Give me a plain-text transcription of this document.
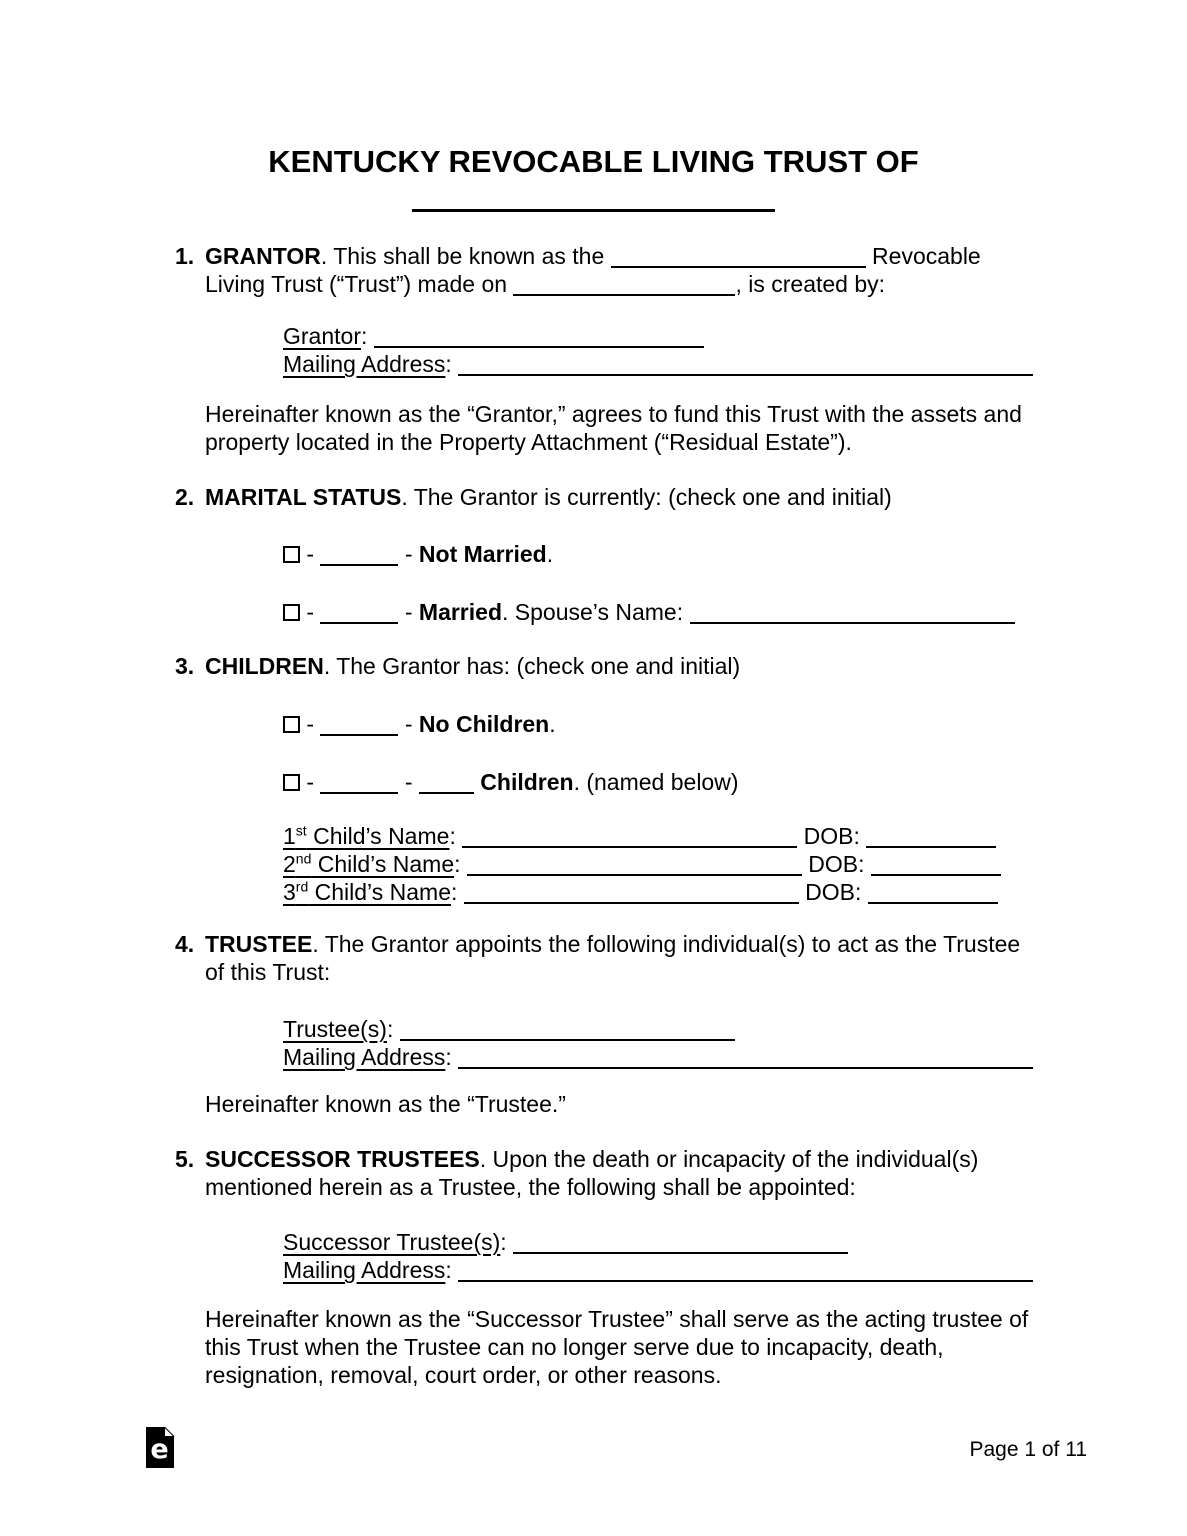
KENTUCKY REVOCABLE LIVING TRUST OF
1. GRANTOR. This shall be known as the	Revocable
Living Trust (“Trust”) made on	, is created by:
Grantor:
Mailing Address:
Hereinafter known as the “Grantor,” agrees to fund this Trust with the assets and
property located in the Property Attachment (“Residual Estate”).
2. MARITAL STATUS. The Grantor is currently: (check one and initial)
-	- Not Married.
-	- Married. Spouse’s Name:
3. CHILDREN. The Grantor has: (check one and initial)
-	- No Children.
-	-	Children. (named below)
1st Child’s Name:	DOB:
2nd Child’s Name:	DOB:
3rd Child’s Name:	DOB:
4. TRUSTEE. The Grantor appoints the following individual(s) to act as the Trustee
of this Trust:
Trustee(s):
Mailing Address:
Hereinafter known as the “Trustee.”
5. SUCCESSOR TRUSTEES. Upon the death or incapacity of the individual(s)
mentioned herein as a Trustee, the following shall be appointed:
Successor Trustee(s):
Mailing Address:
Hereinafter known as the “Successor Trustee” shall serve as the acting trustee of
this Trust when the Trustee can no longer serve due to incapacity, death,
resignation, removal, court order, or other reasons.
e	Page 1 of 11
